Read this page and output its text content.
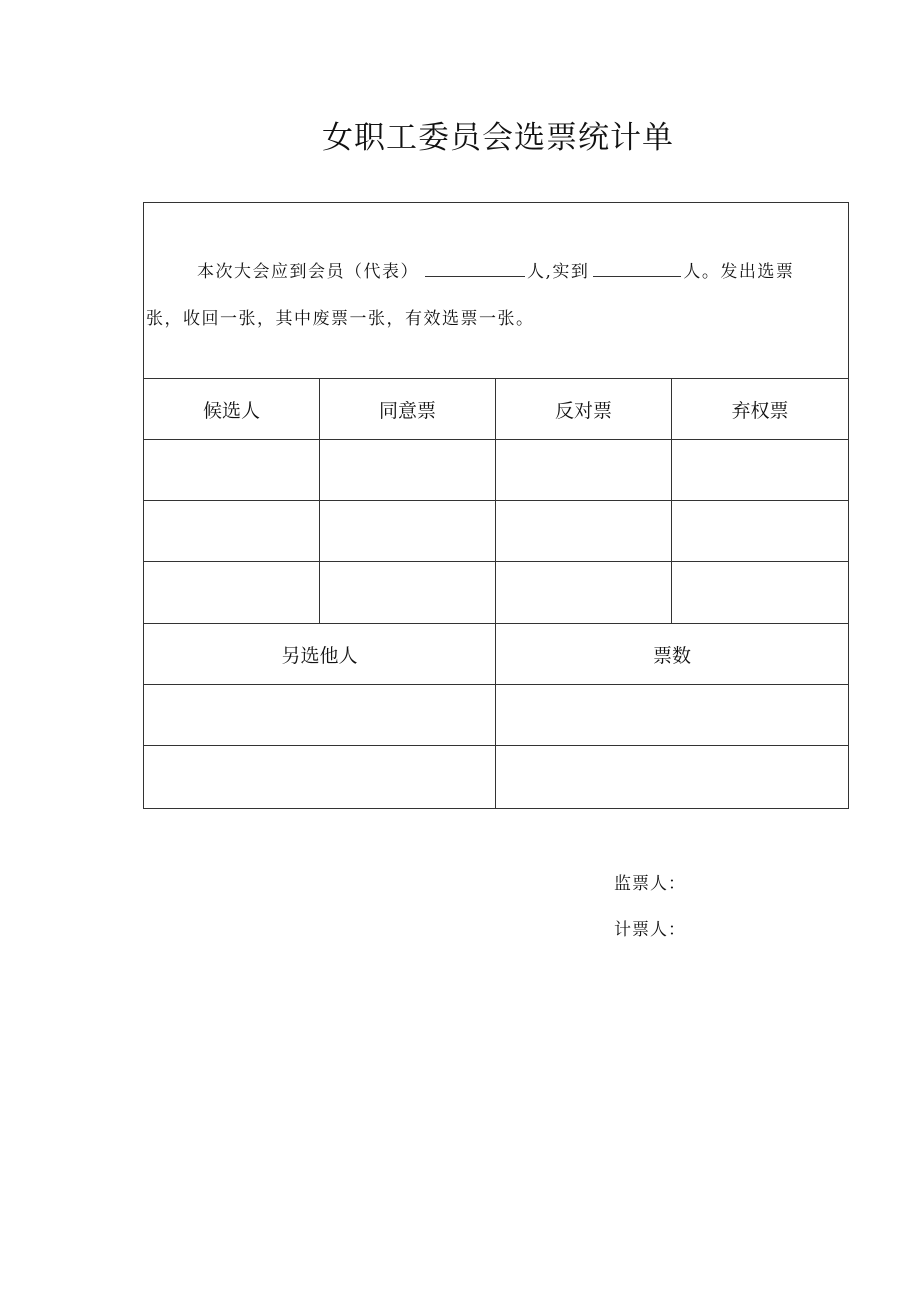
女职工委员会选票统计单
本次大会应到会员（代表）	人,实到	人。发出选票
张，收回一张，其中废票一张，有效选票一张。
候选人	同意票	反对票	弃权票
另选他人	票数
监票人：
计票人：
